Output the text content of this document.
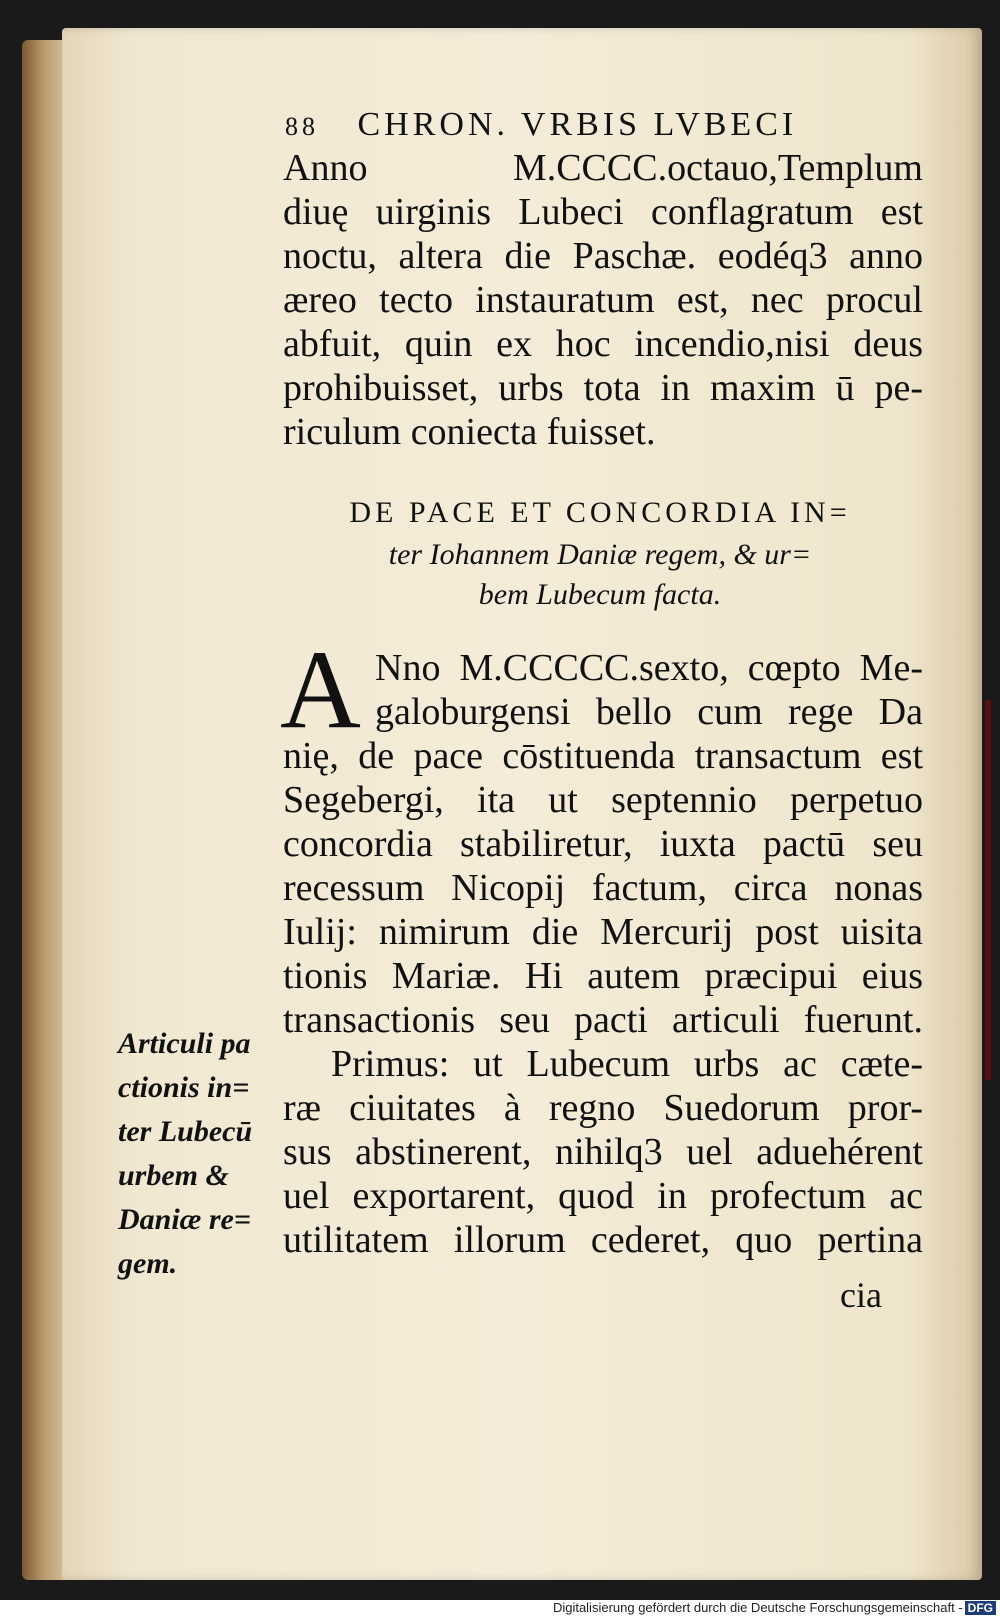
88 CHRON. VRBIS LVBECI
Anno M.CCCC.octauo,Templum
diuę uirginis Lubeci conflagratum est
noctu, altera die Paschæ. eodéq3 anno
æreo tecto instauratum est, nec procul
abfuit, quin ex hoc incendio,nisi deus
prohibuisset, urbs tota in maxim ū pe-
riculum coniecta fuisset.
DE PACE ET CONCORDIA IN=
ter Iohannem Daniæ regem, & ur=
bem Lubecum facta.
A Nno M.CCCCC.sexto, cœpto Me-
galoburgensi bello cum rege Da
nię, de pace cōstituenda transactum est
Segebergi, ita ut septennio perpetuo
concordia stabiliretur, iuxta pactū seu
recessum Nicopij factum, circa nonas
Iulij: nimirum die Mercurij post uisita
tionis Mariæ. Hi autem præcipui eius
transactionis seu pacti articuli fuerunt.
Primus: ut Lubecum urbs ac cæte-
ræ ciuitates à regno Suedorum pror-
sus abstinerent, nihilq3 uel aduehérent
uel exportarent, quod in profectum ac
utilitatem illorum cederet, quo pertina
cia
Articuli pa
ctionis in=
ter Lubecū
urbem &
Daniæ re=
gem.
Digitalisierung gefördert durch die Deutsche Forschungsgemeinschaft - DFG
